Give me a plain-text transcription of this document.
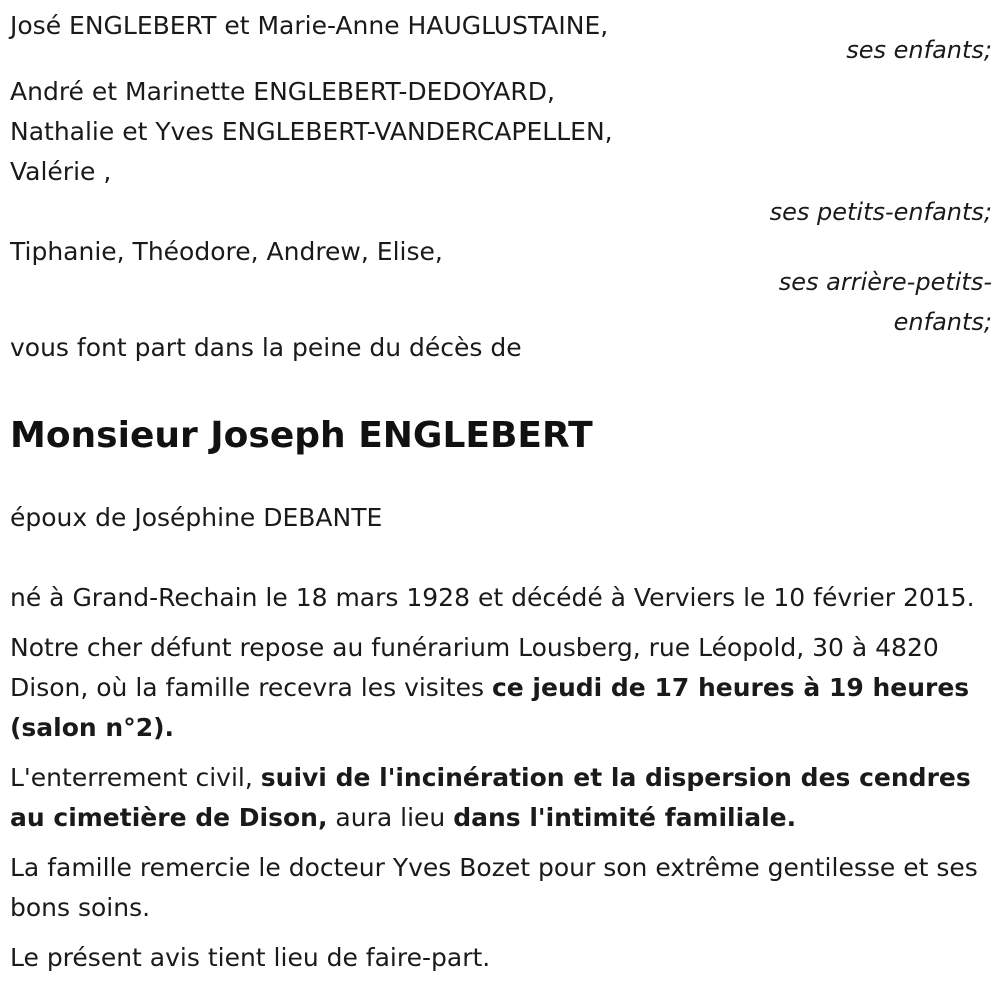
José ENGLEBERT et Marie-Anne HAUGLUSTAINE,
ses enfants;
André et Marinette ENGLEBERT-DEDOYARD,
Nathalie et Yves ENGLEBERT-VANDERCAPELLEN,
Valérie ,
ses petits-enfants;
Tiphanie, Théodore, Andrew, Elise,
ses arrière-petits-
enfants;
vous font part dans la peine du décès de
Monsieur Joseph ENGLEBERT
époux de Joséphine DEBANTE
né à Grand-Rechain le 18 mars 1928 et décédé à Verviers le 10 février 2015.
Notre cher défunt repose au funérarium Lousberg, rue Léopold, 30 à 4820 Dison, où la famille recevra les visites ce jeudi de 17 heures à 19 heures (salon n°2).
L'enterrement civil, suivi de l'incinération et la dispersion des cendres au cimetière de Dison, aura lieu dans l'intimité familiale.
La famille remercie le docteur Yves Bozet pour son extrême gentilesse et ses bons soins.
Le présent avis tient lieu de faire-part.
